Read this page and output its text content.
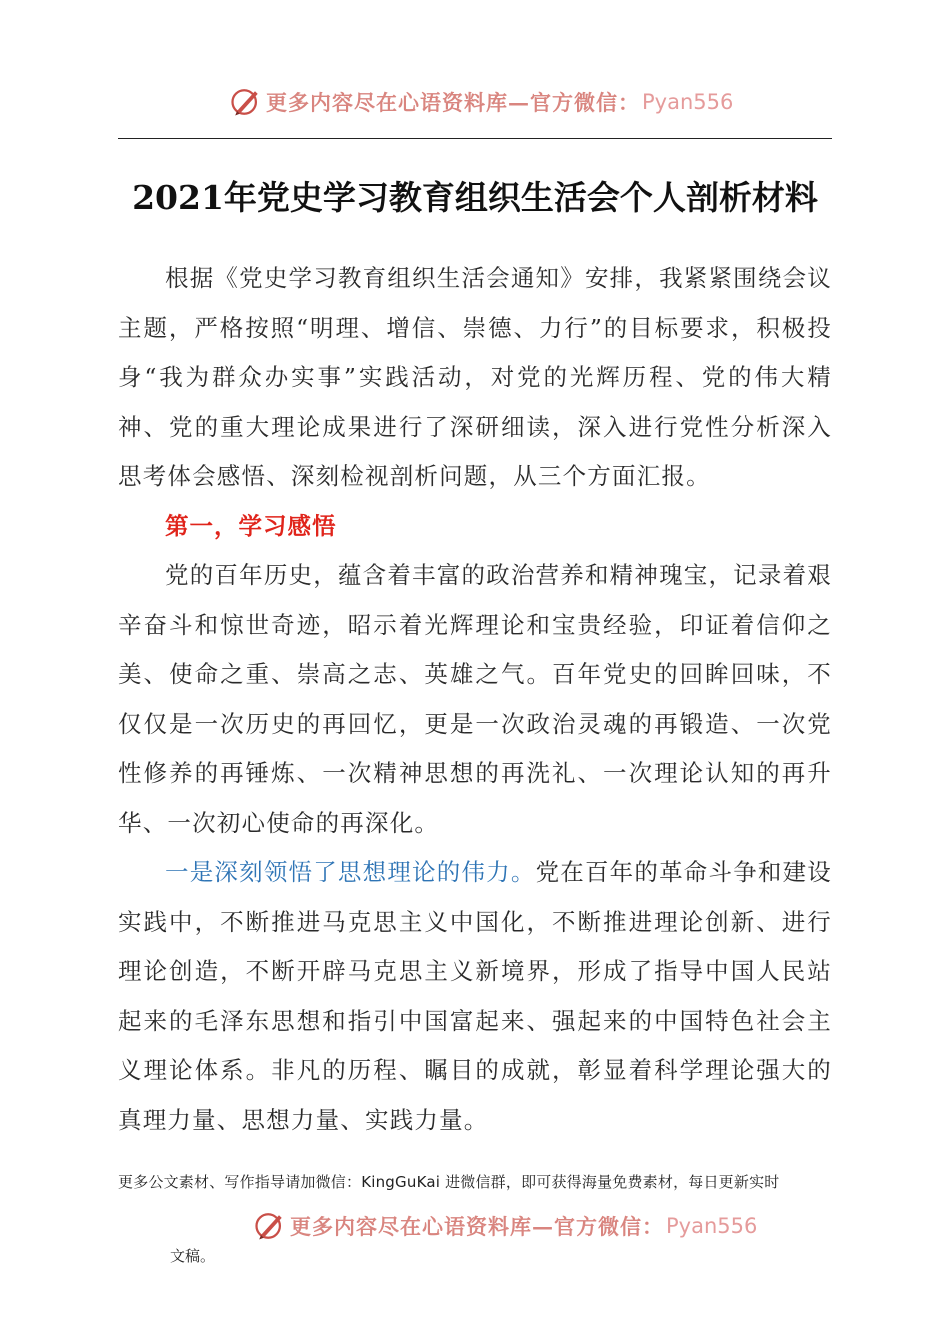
更多内容尽在心语资料库—官方微信： Pyan556
2021年党史学习教育组织生活会个人剖析材料

根据《党史学习教育组织生活会通知》安排，我紧紧围绕会议主题，严格按照“明理、增信、崇德、力行”的目标要求，积极投身“我为群众办实事”实践活动，对党的光辉历程、党的伟大精神、党的重大理论成果进行了深研细读，深入进行党性分析深入思考体会感悟、深刻检视剖析问题，从三个方面汇报。

第一，学习感悟

党的百年历史，蕴含着丰富的政治营养和精神瑰宝，记录着艰辛奋斗和惊世奇迹，昭示着光辉理论和宝贵经验，印证着信仰之美、使命之重、崇高之志、英雄之气。百年党史的回眸回味，不仅仅是一次历史的再回忆，更是一次政治灵魂的再锻造、一次党性修养的再锤炼、一次精神思想的再洗礼、一次理论认知的再升华、一次初心使命的再深化。

一是深刻领悟了思想理论的伟力。党在百年的革命斗争和建设实践中，不断推进马克思主义中国化，不断推进理论创新、进行理论创造，不断开辟马克思主义新境界，形成了指导中国人民站起来的毛泽东思想和指引中国富起来、强起来的中国特色社会主义理论体系。非凡的历程、瞩目的成就，彰显着科学理论强大的真理力量、思想力量、实践力量。

更多公文素材、写作指导请加微信：KingGuKai 进微信群，即可获得海量免费素材，每日更新实时
更多内容尽在心语资料库—官方微信： Pyan556
文稿。
